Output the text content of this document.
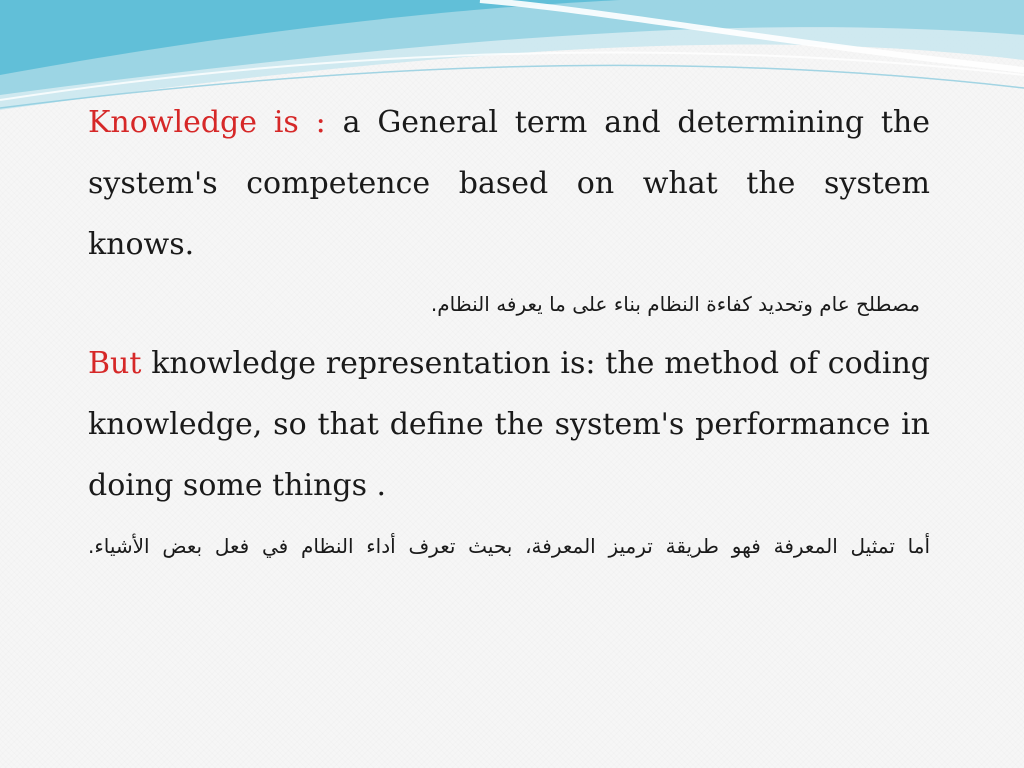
Knowledge is : a General term and determining the system's competence based on what the system knows.

مصطلح عام وتحديد كفاءة النظام بناء على ما يعرفه النظام.

But knowledge representation is: the method of coding knowledge, so that define the system's performance in doing some things .

أما تمثيل المعرفة فهو طريقة ترميز المعرفة، بحيث تعرف أداء النظام في فعل بعض الأشياء.
